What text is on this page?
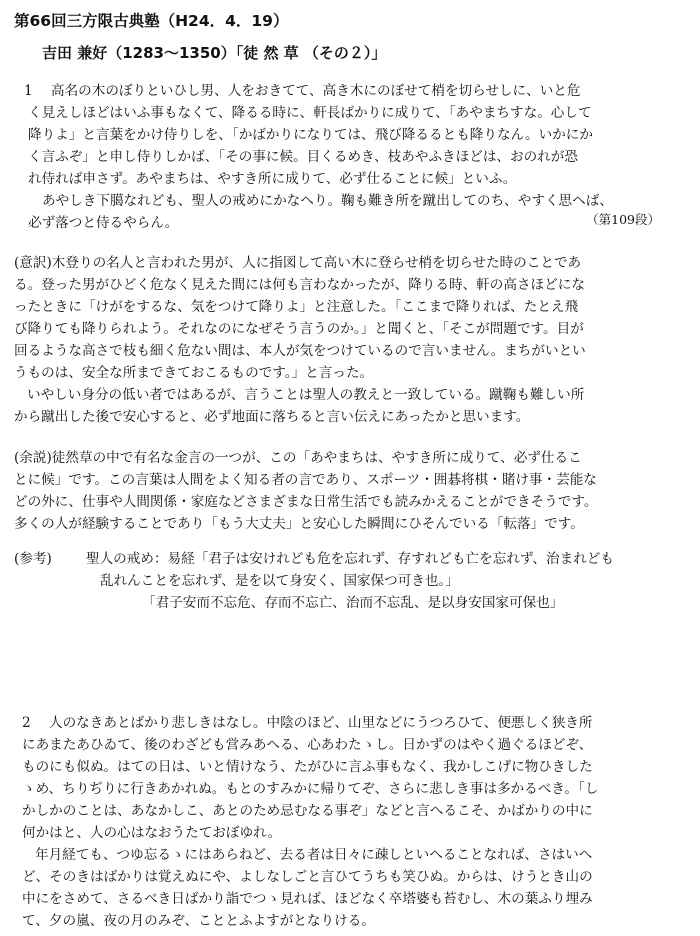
第66回三方限古典塾（H24．4．19）
吉田 兼好（1283〜1350）「徒 然 草 （その２）」
1 高名の木のぼりといひし男、人をおきてて、高き木にのぼせて梢を切らせしに、いと危
く見えしほどはいふ事もなくて、降るる時に、軒長ばかりに成りて、「あやまちすな。心して
降りよ」と言葉をかけ侍りしを、「かばかりになりては、飛び降るるとも降りなん。いかにか
く言ふぞ」と申し侍りしかば、「その事に候。目くるめき、枝あやふきほどは、おのれが恐
れ侍れば申さず。あやまちは、やすき所に成りて、必ず仕ることに候」といふ。
あやしき下臈なれども、聖人の戒めにかなへり。鞠も難き所を蹴出してのち、やすく思へば、
必ず落つと侍るやらん。	（第109段）
(意訳)木登りの名人と言われた男が、人に指図して高い木に登らせ梢を切らせた時のことであ
る。登った男がひどく危なく見えた間には何も言わなかったが、降りる時、軒の高さほどにな
ったときに「けがをするな、気をつけて降りよ」と注意した。「ここまで降りれば、たとえ飛
び降りても降りられよう。それなのになぜそう言うのか。」と聞くと、「そこが問題です。目が
回るような高さで枝も細く危ない間は、本人が気をつけているので言いません。まちがいとい
うものは、安全な所まできておこるものです。」と言った。
いやしい身分の低い者ではあるが、言うことは聖人の教えと一致している。蹴鞠も難しい所
から蹴出した後で安心すると、必ず地面に落ちると言い伝えにあったかと思います。
(余説)徒然草の中で有名な金言の一つが、この「あやまちは、やすき所に成りて、必ず仕るこ
とに候」です。この言葉は人間をよく知る者の言であり、スポーツ・囲碁将棋・賭け事・芸能な
どの外に、仕事や人間関係・家庭などさまざまな日常生活でも読みかえることができそうです。
多くの人が経験することであり「もう大丈夫」と安心した瞬間にひそんでいる「転落」です。
(参考)	聖人の戒め：易経「君子は安けれども危を忘れず、存すれども亡を忘れず、治まれども
乱れんことを忘れず、是を以て身安く、国家保つ可き也。」
「君子安而不忘危、存而不忘亡、治而不忘乱、是以身安国家可保也」
2 人のなきあとばかり悲しきはなし。中陰のほど、山里などにうつろひて、便悪しく狭き所
にあまたあひゐて、後のわざども営みあへる、心あわたゝし。日かずのはやく過ぐるほどぞ、
ものにも似ぬ。はての日は、いと情けなう、たがひに言ふ事もなく、我かしこげに物ひきした
ゝめ、ちりぢりに行きあかれぬ。もとのすみかに帰りてぞ、さらに悲しき事は多かるべき。「し
かしかのことは、あなかしこ、あとのため忌むなる事ぞ」などと言へるこそ、かばかりの中に
何かはと、人の心はなおうたておぼゆれ。
年月経ても、つゆ忘るゝにはあらねど、去る者は日々に疎しといへることなれば、さはいへ
ど、そのきはばかりは覚えぬにや、よしなしごと言ひてうちも笑ひぬ。からは、けうとき山の
中にをさめて、さるべき日ばかり詣でつゝ見れば、ほどなく卒塔婆も苔むし、木の葉ふり埋み
て、夕の嵐、夜の月のみぞ、こととふよすがとなりける。
